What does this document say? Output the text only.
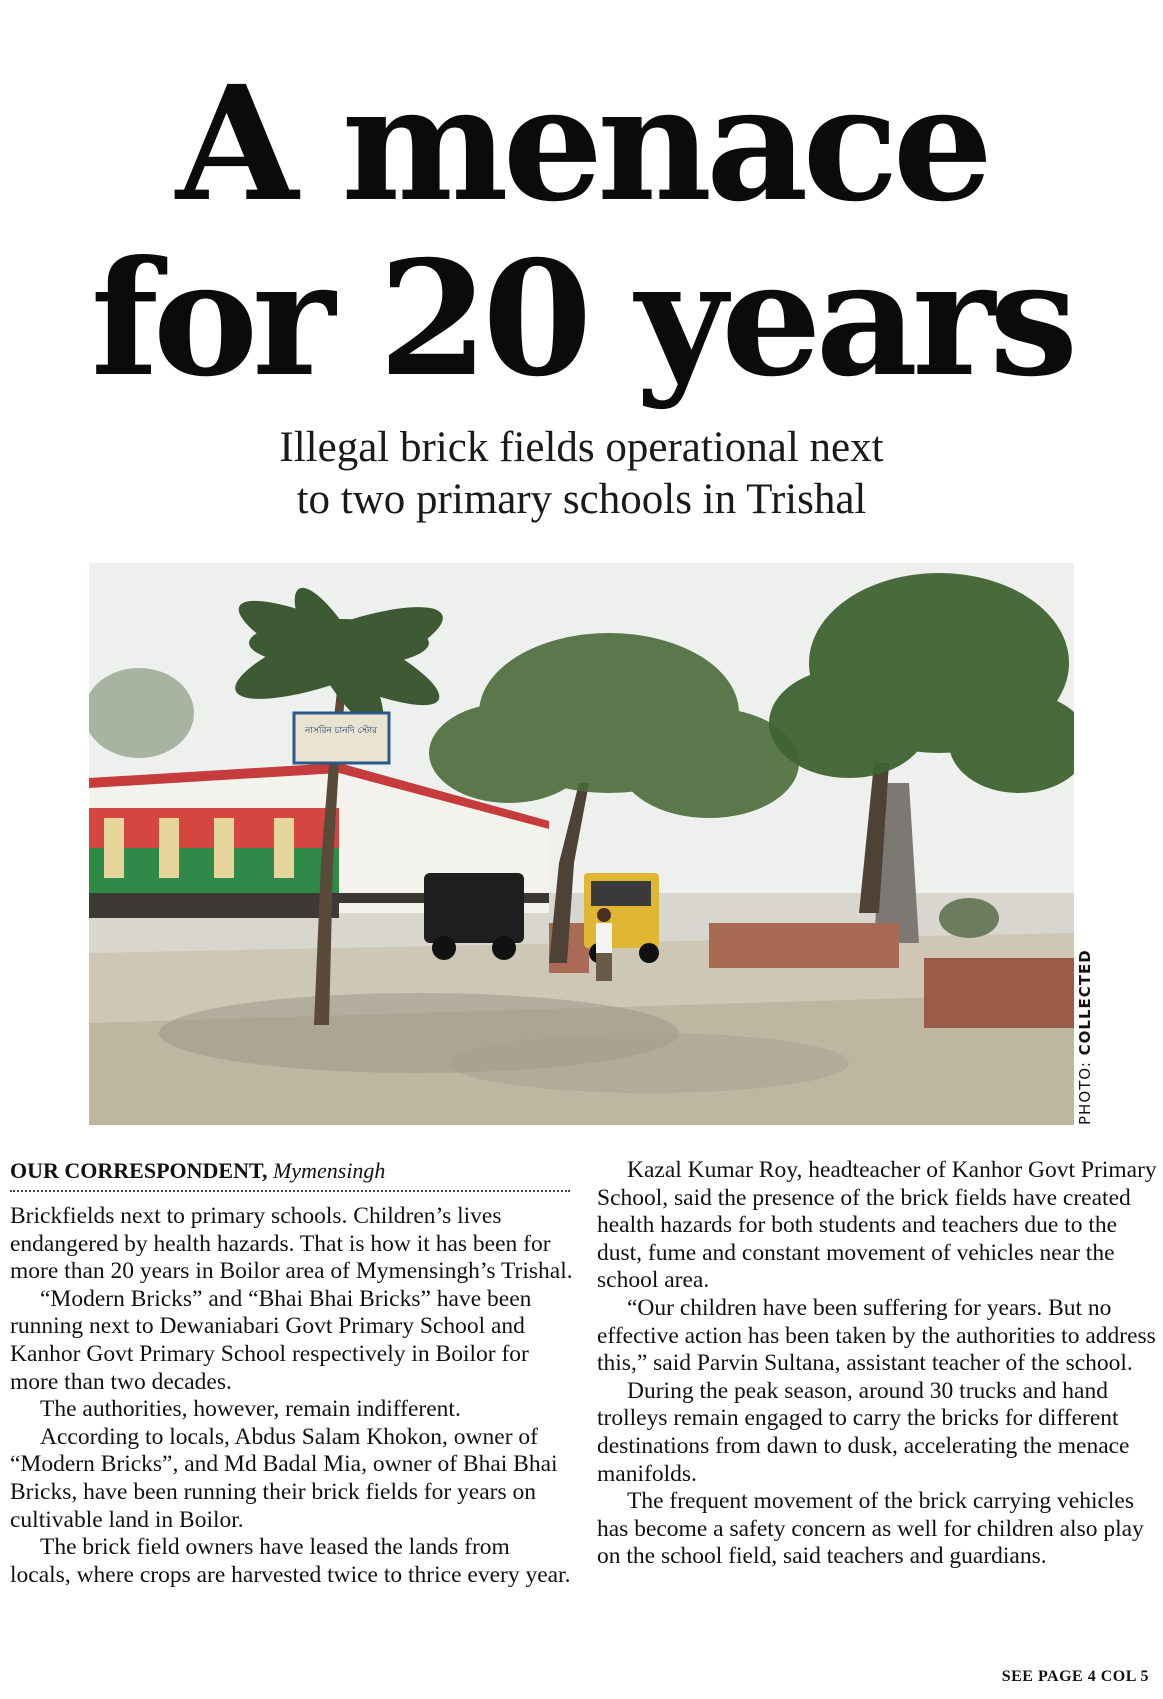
A menace
for 20 years
Illegal brick fields operational next
to two primary schools in Trishal
নাসরিন চানদি স্টোর
PHOTO: COLLECTED
OUR CORRESPONDENT, Mymensingh

Brickfields next to primary schools. Children’s lives endangered by health hazards. That is how it has been for more than 20 years in Boilor area of Mymensingh’s Trishal.

“Modern Bricks” and “Bhai Bhai Bricks” have been running next to Dewaniabari Govt Primary School and Kanhor Govt Primary School respectively in Boilor for more than two decades.

The authorities, however, remain indifferent.

According to locals, Abdus Salam Khokon, owner of “Modern Bricks”, and Md Badal Mia, owner of Bhai Bhai Bricks, have been running their brick fields for years on cultivable land in Boilor.

The brick field owners have leased the lands from locals, where crops are harvested twice to thrice every year.

Kazal Kumar Roy, headteacher of Kanhor Govt Primary School, said the presence of the brick fields have created health hazards for both students and teachers due to the dust, fume and constant movement of vehicles near the school area.

“Our children have been suffering for years. But no effective action has been taken by the authorities to address this,” said Parvin Sultana, assistant teacher of the school.

During the peak season, around 30 trucks and hand trolleys remain engaged to carry the bricks for different destinations from dawn to dusk, accelerating the menace manifolds.

The frequent movement of the brick carrying vehicles has become a safety concern as well for children also play on the school field, said teachers and guardians.

SEE PAGE 4 COL 5
